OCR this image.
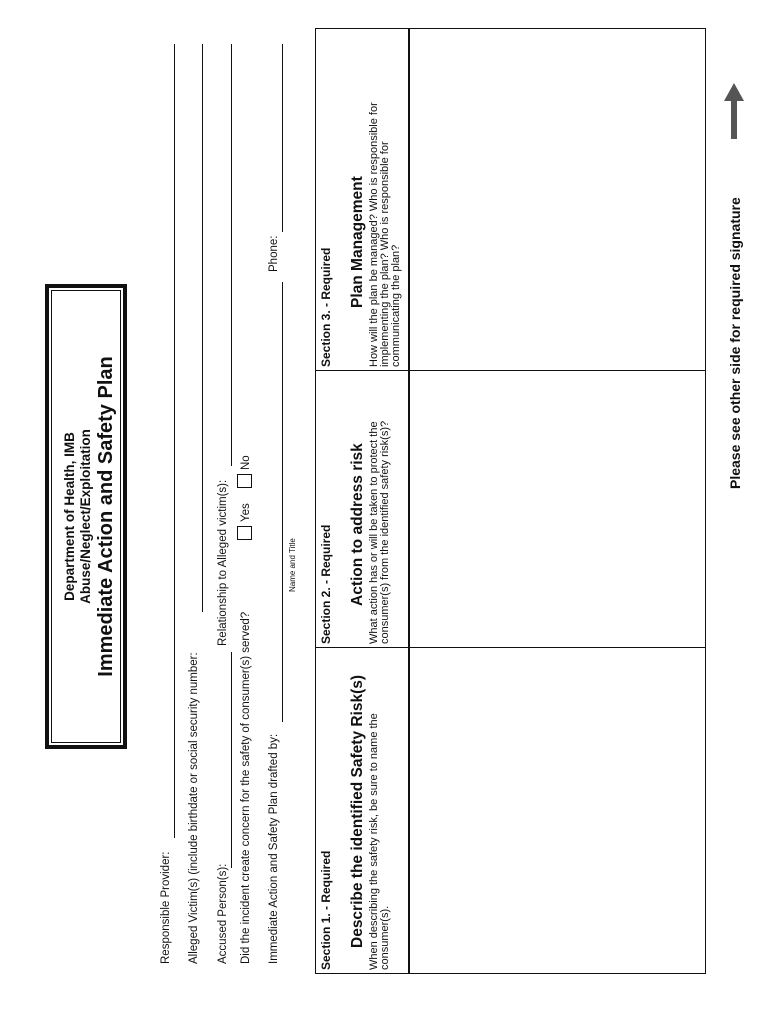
Department of Health, IMB Abuse/Neglect/Exploitation Immediate Action and Safety Plan
Responsible Provider: Alleged Victim(s) (include birthdate or social security number: Accused Person(s):
Relationship to Alleged victim(s):
Did the incident create concern for the safety of consumer(s) served?
Yes
No
Immediate Action and Safety Plan drafted by:
Name and Title
Phone:
Section 1. - Required Describe the identified Safety Risk(s) When describing the safety risk, be sure to name the consumer(s).
Section 2. - Required Action to address risk What action has or will be taken to protect the consumer(s) from the identified safety risk(s)?
Section 3. - Required Plan Management How will the plan be managed? Who is responsible for implementing the plan? Who is responsible for communicating the plan?	Please see other side for required signature
